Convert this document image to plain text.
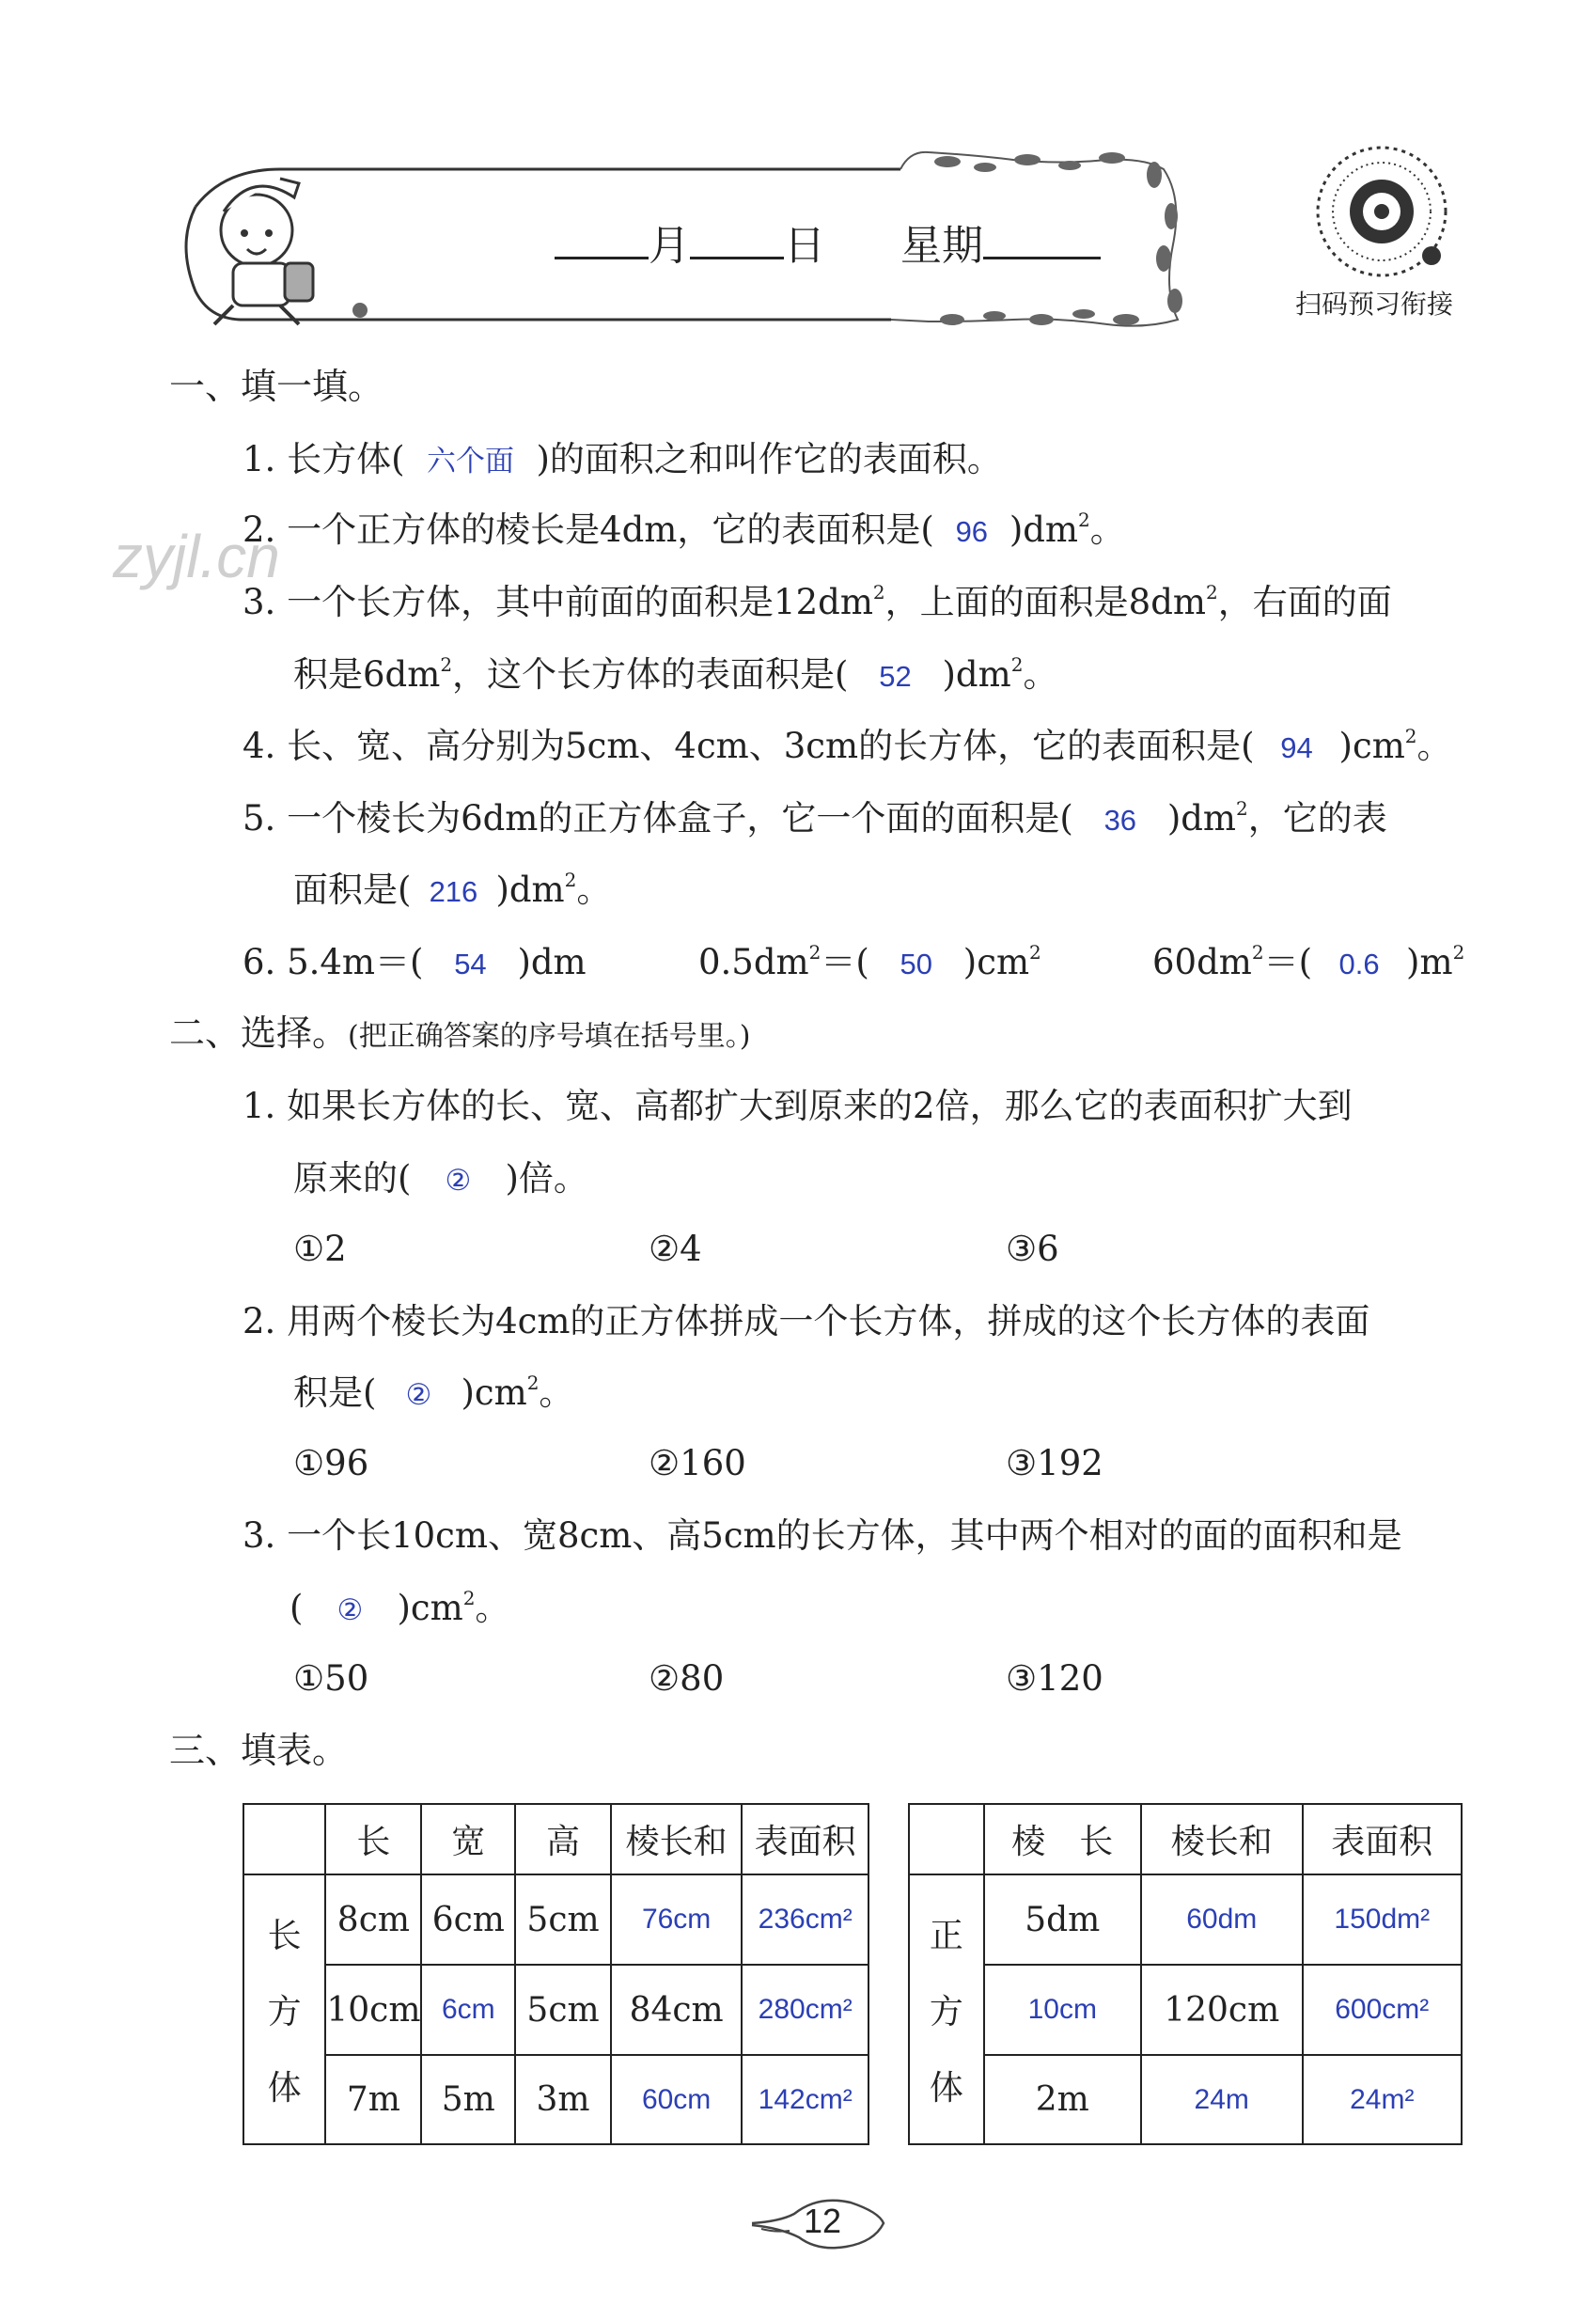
月 日 星期
扫码预习衔接
zyjl.cn
一、填一填。
1. 长方体( 六个面 )的面积之和叫作它的表面积。
2. 一个正方体的棱长是4dm，它的表面积是( 96 )$dm^2$。
3. 一个长方体，其中前面的面积是$12dm^2$，上面的面积是$8dm^2$，右面的面
积是$6dm^2$，这个长方体的表面积是( 52 )$dm^2$。
4. 长、宽、高分别为5cm、4cm、3cm的长方体，它的表面积是( 94 )$cm^2$。
5. 一个棱长为6dm的正方体盒子，它一个面的面积是( 36 )$dm^2$，它的表
面积是( 216 )$dm^2$。
6. 5.4m＝( 54 )dm	$0.5dm^2=$( 50 )$cm^2$	$60dm^2=$( 0.6 )$m^2$
二、选择。(把正确答案的序号填在括号里。)
1. 如果长方体的长、宽、高都扩大到原来的2倍，那么它的表面积扩大到
原来的( ② )倍。
①2	②4	③6
2. 用两个棱长为4cm的正方体拼成一个长方体，拼成的这个长方体的表面
积是( ② )$cm^2$。
①96	②160	③192
3. 一个长10cm、宽8cm、高5cm的长方体，其中两个相对的面的面积和是
( ② )$cm^2$。
①50	②80	③120
三、填表。
	长	宽	高	棱长和	表面积

长
方
体	8cm	6cm	5cm	76cm	236cm²
	10cm	6cm	5cm	84cm	280cm²
	7m	5m	3m	60cm	142cm²
	棱　长	棱长和	表面积

正
方
体	5dm	60dm	150dm²
	10cm	120cm	600cm²
	2m	24m	24m²
12
